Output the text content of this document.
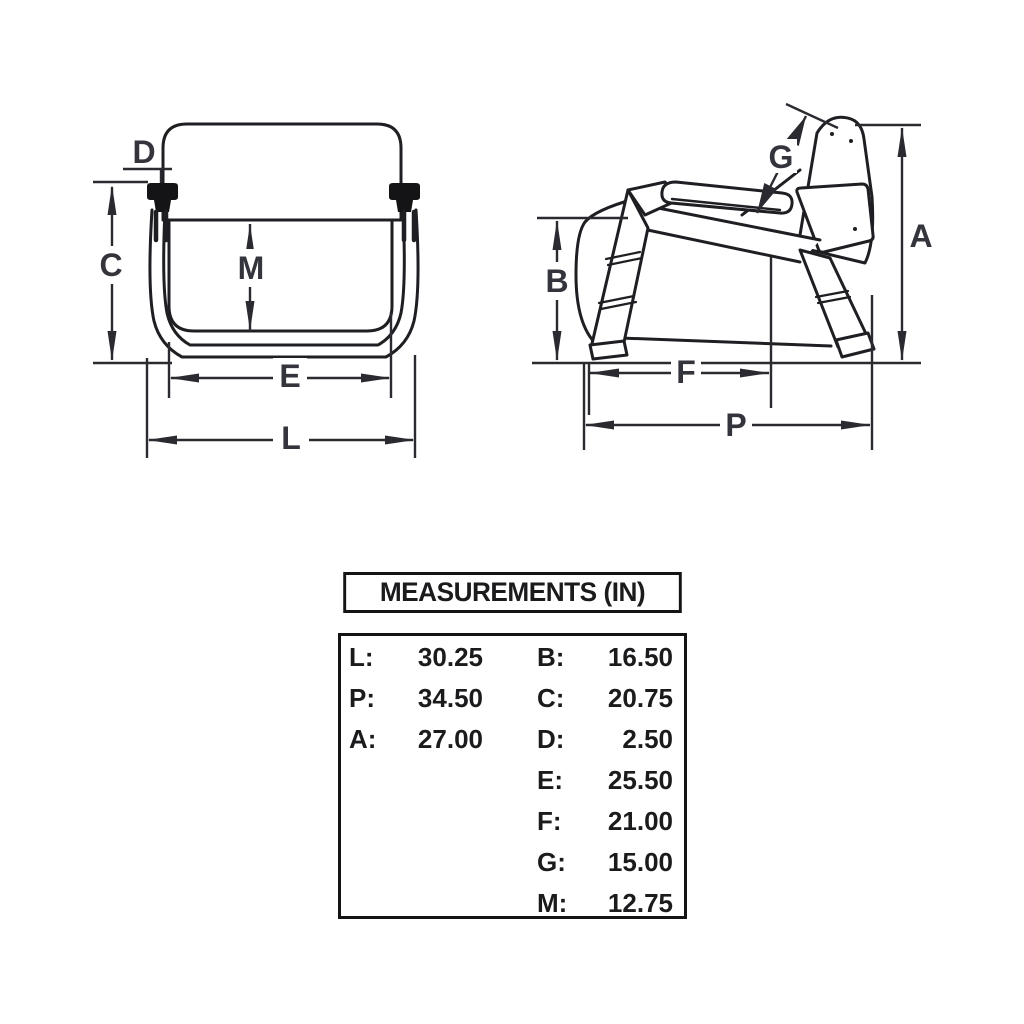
D
C	M
E
L
B
A
G
F
P
MEASUREMENTS (IN)
L:	30.25
P:	34.50
A:	27.00
B:	16.50
C:	20.75
D:	2.50
E:	25.50
F:	21.00
G:	15.00
M:	12.75
